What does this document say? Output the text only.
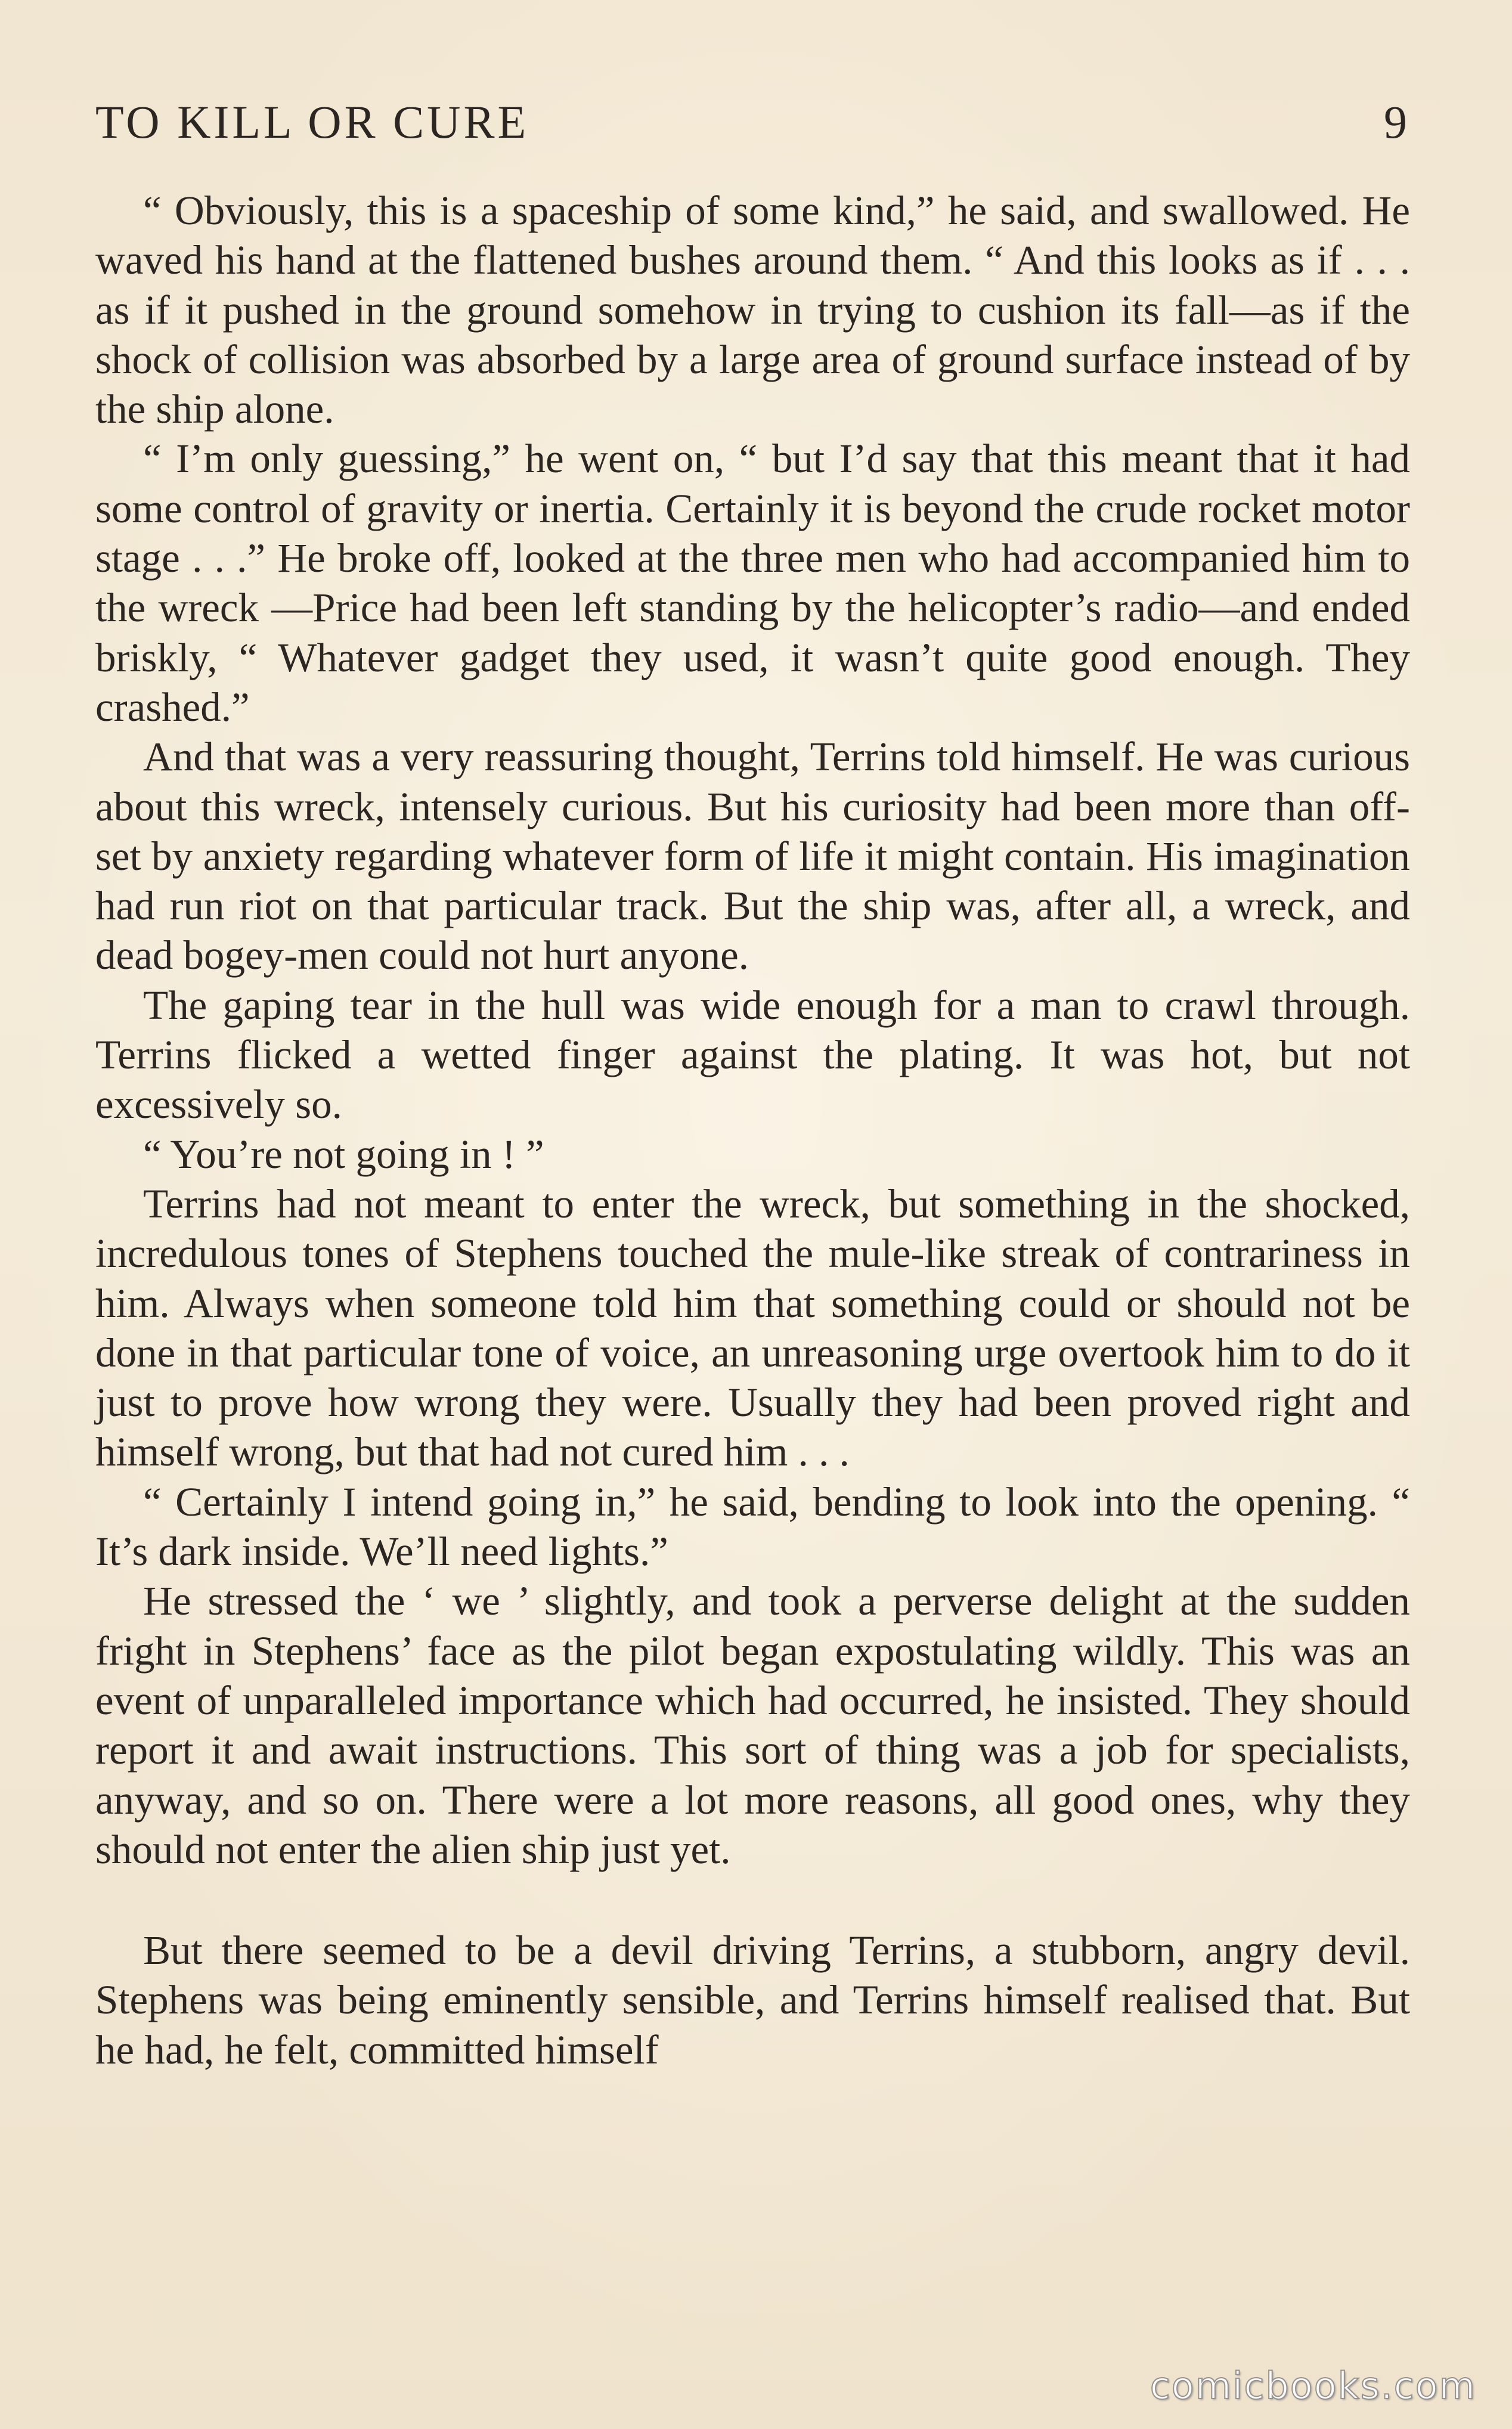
TO KILL OR CURE	9

“ Obviously, this is a spaceship of some kind,” he said, and swallowed. He waved his hand at the flattened bushes around them. “ And this looks as if . . . as if it pushed in the ground somehow in trying to cushion its fall—as if the shock of collision was absorbed by a large area of ground surface instead of by the ship alone.

“ I’m only guessing,” he went on, “ but I’d say that this meant that it had some control of gravity or inertia. Certainly it is beyond the crude rocket motor stage . . .” He broke off, looked at the three men who had accompanied him to the wreck —Price had been left standing by the helicopter’s radio—and ended briskly, “ Whatever gadget they used, it wasn’t quite good enough. They crashed.”

And that was a very reassuring thought, Terrins told himself. He was curious about this wreck, intensely curious. But his curiosity had been more than off-set by anxiety regarding whatever form of life it might contain. His imagination had run riot on that particular track. But the ship was, after all, a wreck, and dead bogey-men could not hurt anyone.

The gaping tear in the hull was wide enough for a man to crawl through. Terrins flicked a wetted finger against the plating. It was hot, but not excessively so.

“ You’re not going in ! ”

Terrins had not meant to enter the wreck, but something in the shocked, incredulous tones of Stephens touched the mule-like streak of contrariness in him. Always when someone told him that something could or should not be done in that particular tone of voice, an unreasoning urge overtook him to do it just to prove how wrong they were. Usually they had been proved right and himself wrong, but that had not cured him . . .

“ Certainly I intend going in,” he said, bending to look into the opening. “ It’s dark inside. We’ll need lights.”

He stressed the ‘ we ’ slightly, and took a perverse delight at the sudden fright in Stephens’ face as the pilot began expostulating wildly. This was an event of unparalleled importance which had occurred, he insisted. They should report it and await instructions. This sort of thing was a job for specialists, anyway, and so on. There were a lot more reasons, all good ones, why they should not enter the alien ship just yet.

But there seemed to be a devil driving Terrins, a stubborn, angry devil. Stephens was being eminently sensible, and Terrins himself realised that. But he had, he felt, committed himself

comicbooks.com
